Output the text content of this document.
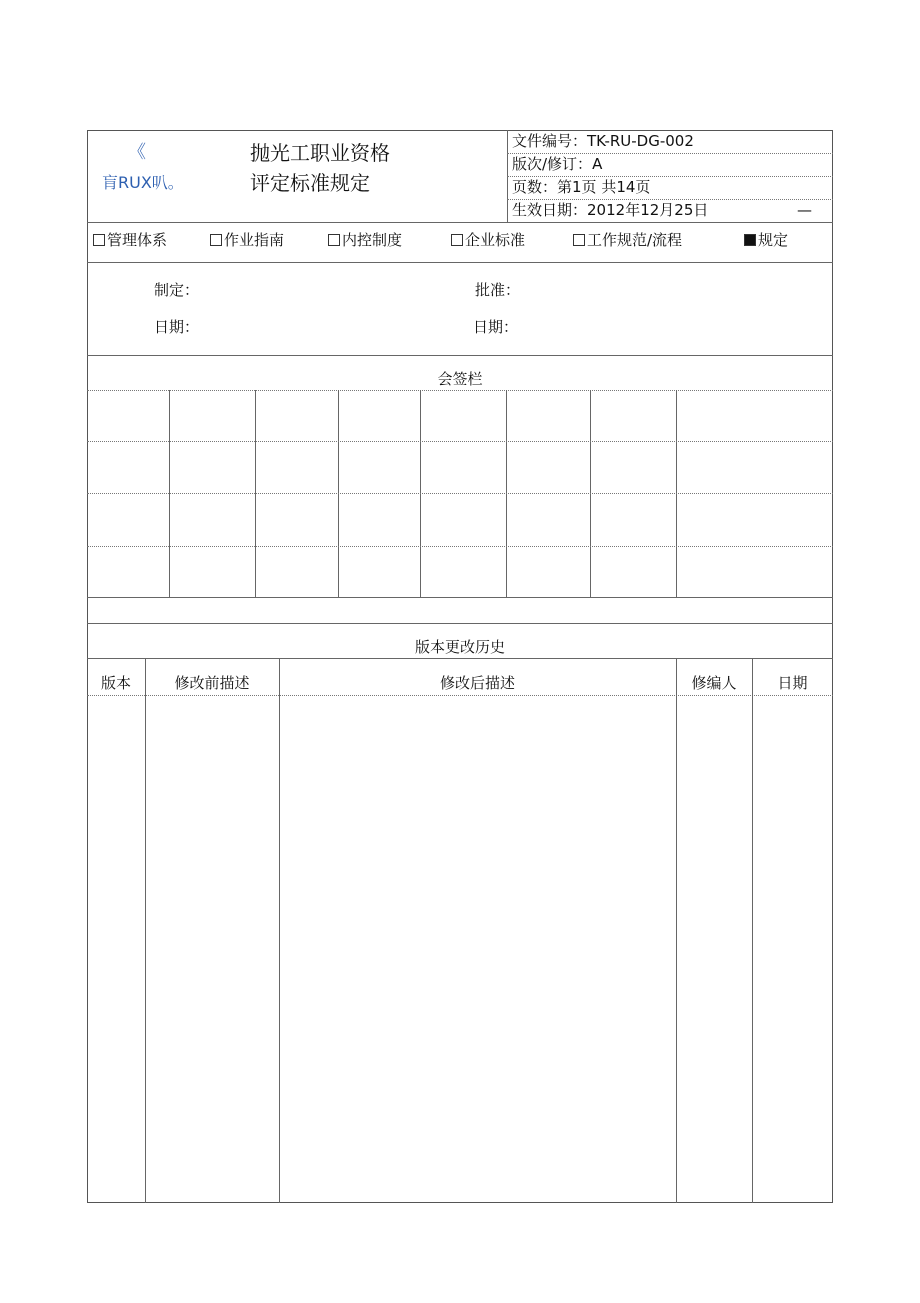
《
肓RUX叭。
抛光工职业资格
评定标准规定
文件编号：TK-RU-DG-002
版次/修订：A
页数：第1页 共14页
生效日期：2012年12月25日	—
管理体系	作业指南	内控制度	企业标准	工作规范/流程	规定
制定：
日期：
批准：
日期：
会签栏
版本更改历史
版本	修改前描述	修改后描述	修编人	日期
